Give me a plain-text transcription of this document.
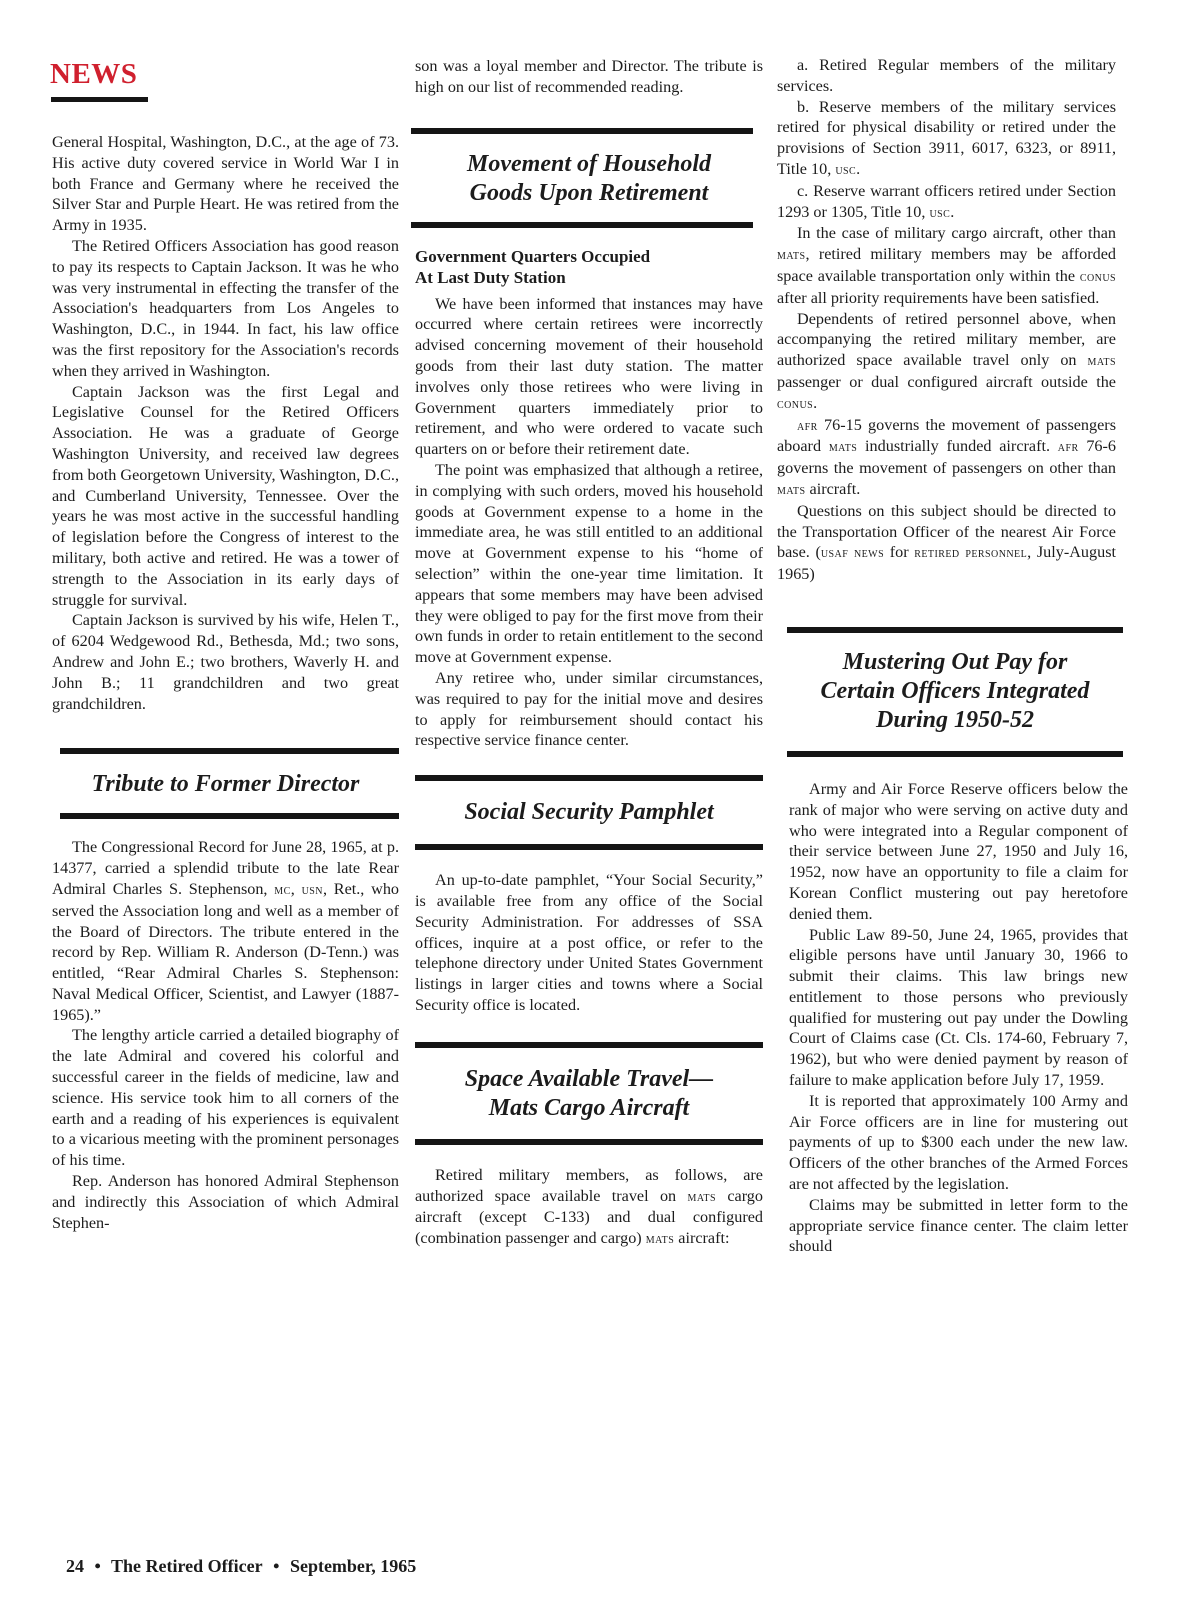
NEWS

General Hospital, Washington, D.C., at the age of 73. His active duty covered service in World War I in both France and Germany where he received the Silver Star and Purple Heart. He was retired from the Army in 1935.

The Retired Officers Association has good reason to pay its respects to Captain Jackson. It was he who was very instrumental in effecting the transfer of the Association's headquarters from Los Angeles to Washington, D.C., in 1944. In fact, his law office was the first repository for the Association's records when they arrived in Washington.

Captain Jackson was the first Legal and Legislative Counsel for the Retired Officers Association. He was a graduate of George Washington University, and received law degrees from both Georgetown University, Washington, D.C., and Cumberland University, Tennessee. Over the years he was most active in the successful handling of legislation before the Congress of interest to the military, both active and retired. He was a tower of strength to the Association in its early days of struggle for survival.

Captain Jackson is survived by his wife, Helen T., of 6204 Wedgewood Rd., Bethesda, Md.; two sons, Andrew and John E.; two brothers, Waverly H. and John B.; 11 grandchildren and two great grandchildren.

Tribute to Former Director

The Congressional Record for June 28, 1965, at p. 14377, carried a splendid tribute to the late Rear Admiral Charles S. Stephenson, mc, usn, Ret., who served the Association long and well as a member of the Board of Directors. The tribute entered in the record by Rep. William R. Anderson (D-Tenn.) was entitled, “Rear Admiral Charles S. Stephenson: Naval Medical Officer, Scientist, and Lawyer (1887-1965).”

The lengthy article carried a detailed biography of the late Admiral and covered his colorful and successful career in the fields of medicine, law and science. His service took him to all corners of the earth and a reading of his experiences is equivalent to a vicarious meeting with the prominent personages of his time.

Rep. Anderson has honored Admiral Stephenson and indirectly this Association of which Admiral Stephen-

son was a loyal member and Director. The tribute is high on our list of recommended reading.

Movement of Household
Goods Upon Retirement

Government Quarters Occupied
At Last Duty Station

We have been informed that instances may have occurred where certain retirees were incorrectly advised concerning movement of their household goods from their last duty station. The matter involves only those retirees who were living in Government quarters immediately prior to retirement, and who were ordered to vacate such quarters on or before their retirement date.

The point was emphasized that although a retiree, in complying with such orders, moved his household goods at Government expense to a home in the immediate area, he was still entitled to an additional move at Government expense to his “home of selection” within the one-year time limitation. It appears that some members may have been advised they were obliged to pay for the first move from their own funds in order to retain entitlement to the second move at Government expense.

Any retiree who, under similar circumstances, was required to pay for the initial move and desires to apply for reimbursement should contact his respective service finance center.

Social Security Pamphlet

An up-to-date pamphlet, “Your Social Security,” is available free from any office of the Social Security Administration. For addresses of SSA offices, inquire at a post office, or refer to the telephone directory under United States Government listings in larger cities and towns where a Social Security office is located.

Space Available Travel—
Mats Cargo Aircraft

Retired military members, as follows, are authorized space available travel on mats cargo aircraft (except C-133) and dual configured (combination passenger and cargo) mats aircraft:

a. Retired Regular members of the military services.

b. Reserve members of the military services retired for physical disability or retired under the provisions of Section 3911, 6017, 6323, or 8911, Title 10, usc.

c. Reserve warrant officers retired under Section 1293 or 1305, Title 10, usc.

In the case of military cargo aircraft, other than mats, retired military members may be afforded space available transportation only within the conus after all priority requirements have been satisfied.

Dependents of retired personnel above, when accompanying the retired military member, are authorized space available travel only on mats passenger or dual configured aircraft outside the conus.

afr 76-15 governs the movement of passengers aboard mats industrially funded aircraft. afr 76-6 governs the movement of passengers on other than mats aircraft.

Questions on this subject should be directed to the Transportation Officer of the nearest Air Force base. (usaf news for retired personnel, July-August 1965)

Mustering Out Pay for
Certain Officers Integrated
During 1950-52

Army and Air Force Reserve officers below the rank of major who were serving on active duty and who were integrated into a Regular component of their service between June 27, 1950 and July 16, 1952, now have an opportunity to file a claim for Korean Conflict mustering out pay heretofore denied them.

Public Law 89-50, June 24, 1965, provides that eligible persons have until January 30, 1966 to submit their claims. This law brings new entitlement to those persons who previously qualified for mustering out pay under the Dowling Court of Claims case (Ct. Cls. 174-60, February 7, 1962), but who were denied payment by reason of failure to make application before July 17, 1959.

It is reported that approximately 100 Army and Air Force officers are in line for mustering out payments of up to $300 each under the new law. Officers of the other branches of the Armed Forces are not affected by the legislation.

Claims may be submitted in letter form to the appropriate service finance center. The claim letter should

24 • The Retired Officer • September, 1965
